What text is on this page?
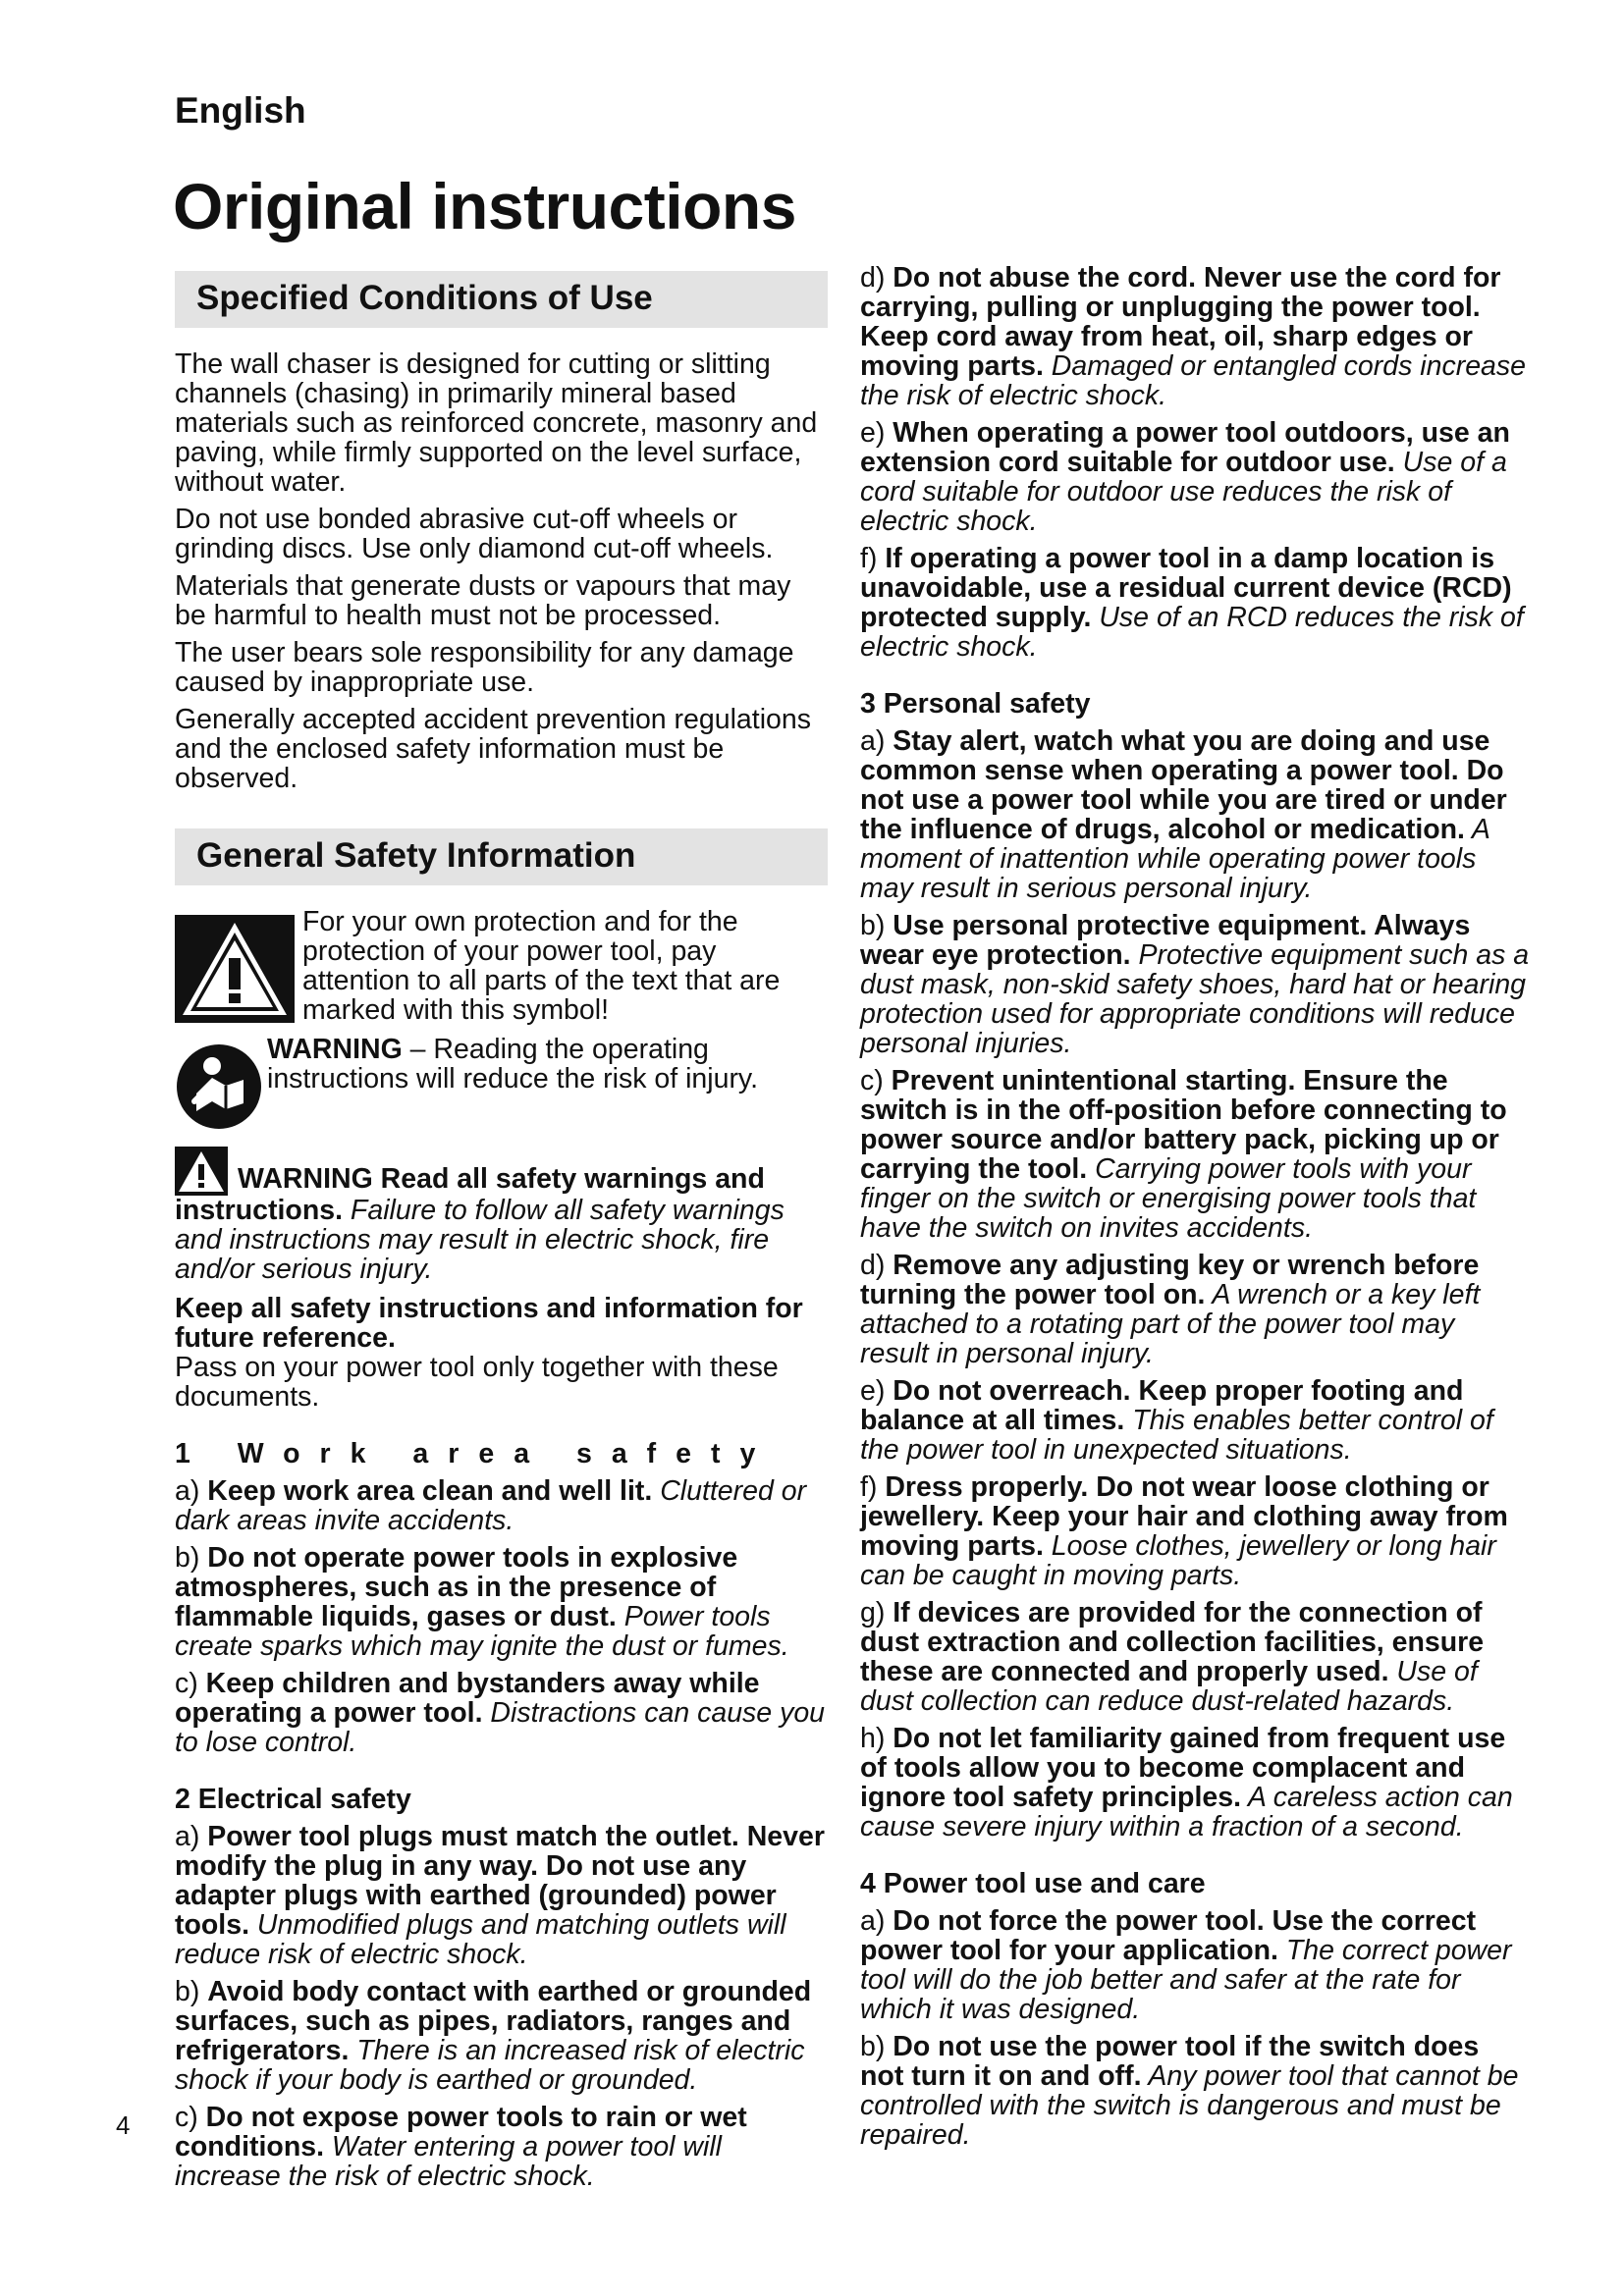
English
Original instructions
Specified Conditions of Use

The wall chaser is designed for cutting or slitting channels (chasing) in primarily mineral based materials such as reinforced concrete, masonry and paving, while firmly supported on the level surface, without water.

Do not use bonded abrasive cut-off wheels or grinding discs. Use only diamond cut-off wheels.

Materials that generate dusts or vapours that may be harmful to health must not be processed.

The user bears sole responsibility for any damage caused by inappropriate use.

Generally accepted accident prevention regulations and the enclosed safety information must be observed.

General Safety Information
For your own protection and for the protection of your power tool, pay attention to all parts of the text that are marked with this symbol!
WARNING – Reading the operating instructions will reduce the risk of injury.

WARNING Read all safety warnings and instructions. Failure to follow all safety warnings and instructions may result in electric shock, fire and/or serious injury.

Keep all safety instructions and information for future reference.
Pass on your power tool only together with these documents.

1 Work area safety

a) Keep work area clean and well lit. Cluttered or dark areas invite accidents.

b) Do not operate power tools in explosive atmospheres, such as in the presence of flammable liquids, gases or dust. Power tools create sparks which may ignite the dust or fumes.

c) Keep children and bystanders away while operating a power tool. Distractions can cause you to lose control.

2 Electrical safety

a) Power tool plugs must match the outlet. Never modify the plug in any way. Do not use any adapter plugs with earthed (grounded) power tools. Unmodified plugs and matching outlets will reduce risk of electric shock.

b) Avoid body contact with earthed or grounded surfaces, such as pipes, radiators, ranges and refrigerators. There is an increased risk of electric shock if your body is earthed or grounded.

c) Do not expose power tools to rain or wet conditions. Water entering a power tool will increase the risk of electric shock.

d) Do not abuse the cord. Never use the cord for carrying, pulling or unplugging the power tool. Keep cord away from heat, oil, sharp edges or moving parts. Damaged or entangled cords increase the risk of electric shock.

e) When operating a power tool outdoors, use an extension cord suitable for outdoor use. Use of a cord suitable for outdoor use reduces the risk of electric shock.

f) If operating a power tool in a damp location is unavoidable, use a residual current device (RCD) protected supply. Use of an RCD reduces the risk of electric shock.

3 Personal safety

a) Stay alert, watch what you are doing and use common sense when operating a power tool. Do not use a power tool while you are tired or under the influence of drugs, alcohol or medication. A moment of inattention while operating power tools may result in serious personal injury.

b) Use personal protective equipment. Always wear eye protection. Protective equipment such as a dust mask, non-skid safety shoes, hard hat or hearing protection used for appropriate conditions will reduce personal injuries.

c) Prevent unintentional starting. Ensure the switch is in the off-position before connecting to power source and/or battery pack, picking up or carrying the tool. Carrying power tools with your finger on the switch or energising power tools that have the switch on invites accidents.

d) Remove any adjusting key or wrench before turning the power tool on. A wrench or a key left attached to a rotating part of the power tool may result in personal injury.

e) Do not overreach. Keep proper footing and balance at all times. This enables better control of the power tool in unexpected situations.

f) Dress properly. Do not wear loose clothing or jewellery. Keep your hair and clothing away from moving parts. Loose clothes, jewellery or long hair can be caught in moving parts.

g) If devices are provided for the connection of dust extraction and collection facilities, ensure these are connected and properly used. Use of dust collection can reduce dust-related hazards.

h) Do not let familiarity gained from frequent use of tools allow you to become complacent and ignore tool safety principles. A careless action can cause severe injury within a fraction of a second.

4 Power tool use and care

a) Do not force the power tool. Use the correct power tool for your application. The correct power tool will do the job better and safer at the rate for which it was designed.

b) Do not use the power tool if the switch does not turn it on and off. Any power tool that cannot be controlled with the switch is dangerous and must be repaired.

4
